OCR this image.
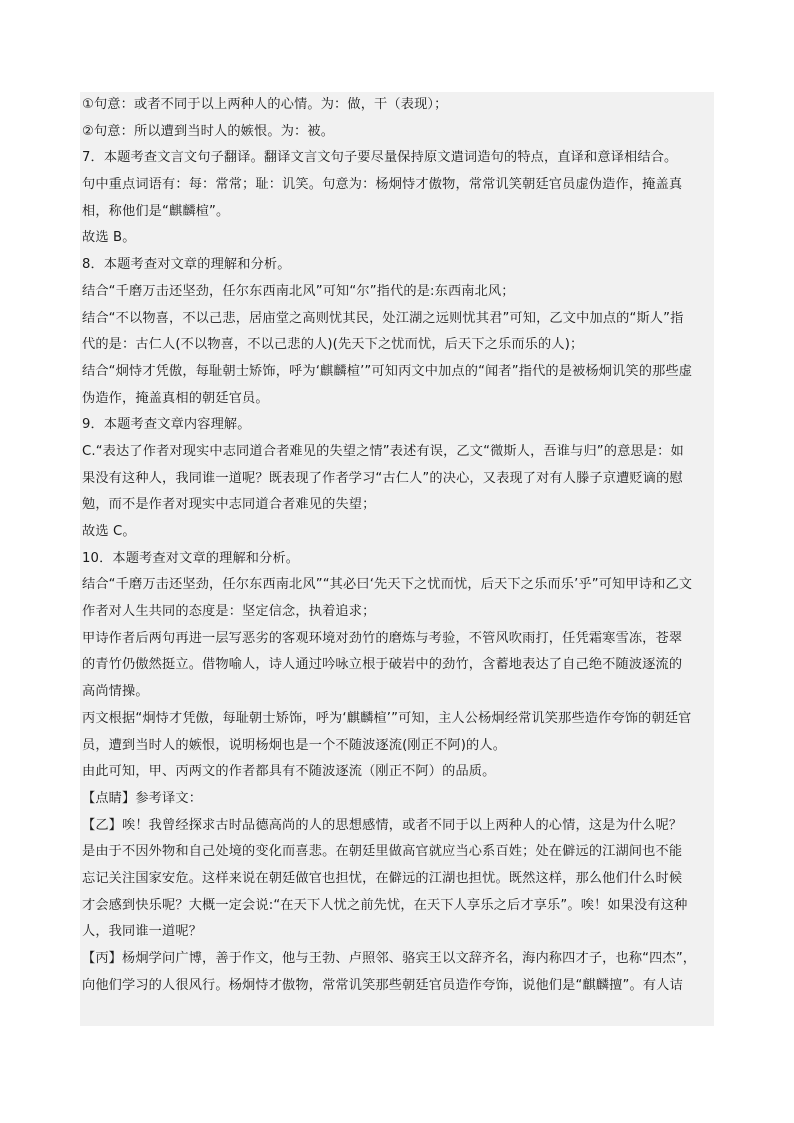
①句意：或者不同于以上两种人的心情。为：做，干（表现）；
②句意：所以遭到当时人的嫉恨。为：被。
7．本题考查文言文句子翻译。翻译文言文句子要尽量保持原文遣词造句的特点，直译和意译相结合。
句中重点词语有：每：常常；耻：讥笑。句意为：杨炯恃才傲物，常常讥笑朝廷官员虚伪造作，掩盖真
相，称他们是“麒麟楦”。
故选 B。
8．本题考查对文章的理解和分析。
结合“千磨万击还坚劲，任尔东西南北风”可知“尔”指代的是:东西南北风；
结合“不以物喜，不以己悲，居庙堂之高则忧其民，处江湖之远则忧其君”可知，乙文中加点的“斯人”指
代的是：古仁人(不以物喜，不以己悲的人)(先天下之忧而忧，后天下之乐而乐的人)；
结合“炯恃才凭傲，每耻朝士矫饰，呼为‘麒麟楦’”可知丙文中加点的“闻者”指代的是被杨炯讥笑的那些虚
伪造作，掩盖真相的朝廷官员。
9．本题考查文章内容理解。
C.“表达了作者对现实中志同道合者难见的失望之情”表述有误，乙文“微斯人，吾谁与归”的意思是：如
果没有这种人，我同谁一道呢？既表现了作者学习“古仁人”的决心，又表现了对有人滕子京遭贬谪的慰
勉，而不是作者对现实中志同道合者难见的失望；
故选 C。
10．本题考查对文章的理解和分析。
结合“千磨万击还坚劲，任尔东西南北风”“其必曰‘先天下之忧而忧，后天下之乐而乐’乎”可知甲诗和乙文
作者对人生共同的态度是：坚定信念，执着追求；
甲诗作者后两句再进一层写恶劣的客观环境对劲竹的磨炼与考验，不管风吹雨打，任凭霜寒雪冻，苍翠
的青竹仍傲然挺立。借物喻人，诗人通过吟咏立根于破岩中的劲竹，含蓄地表达了自己绝不随波逐流的
高尚情操。
丙文根据“炯恃才凭傲，每耻朝士矫饰，呼为‘麒麟楦’”可知，主人公杨炯经常讥笑那些造作夸饰的朝廷官
员，遭到当时人的嫉恨，说明杨炯也是一个不随波逐流(刚正不阿)的人。
由此可知，甲、丙两文的作者都具有不随波逐流（刚正不阿）的品质。
【点睛】参考译文：
【乙】唉！我曾经探求古时品德高尚的人的思想感情，或者不同于以上两种人的心情，这是为什么呢？
是由于不因外物和自己处境的变化而喜悲。在朝廷里做高官就应当心系百姓；处在僻远的江湖间也不能
忘记关注国家安危。这样来说在朝廷做官也担忧，在僻远的江湖也担忧。既然这样，那么他们什么时候
才会感到快乐呢？大概一定会说:“在天下人忧之前先忧，在天下人享乐之后才享乐”。唉！如果没有这种
人，我同谁一道呢？
【丙】杨炯学问广博，善于作文，他与王勃、卢照邻、骆宾王以文辞齐名，海内称四才子，也称“四杰”，
向他们学习的人很风行。杨炯恃才傲物，常常讥笑那些朝廷官员造作夸饰，说他们是“麒麟擅”。有人诘
